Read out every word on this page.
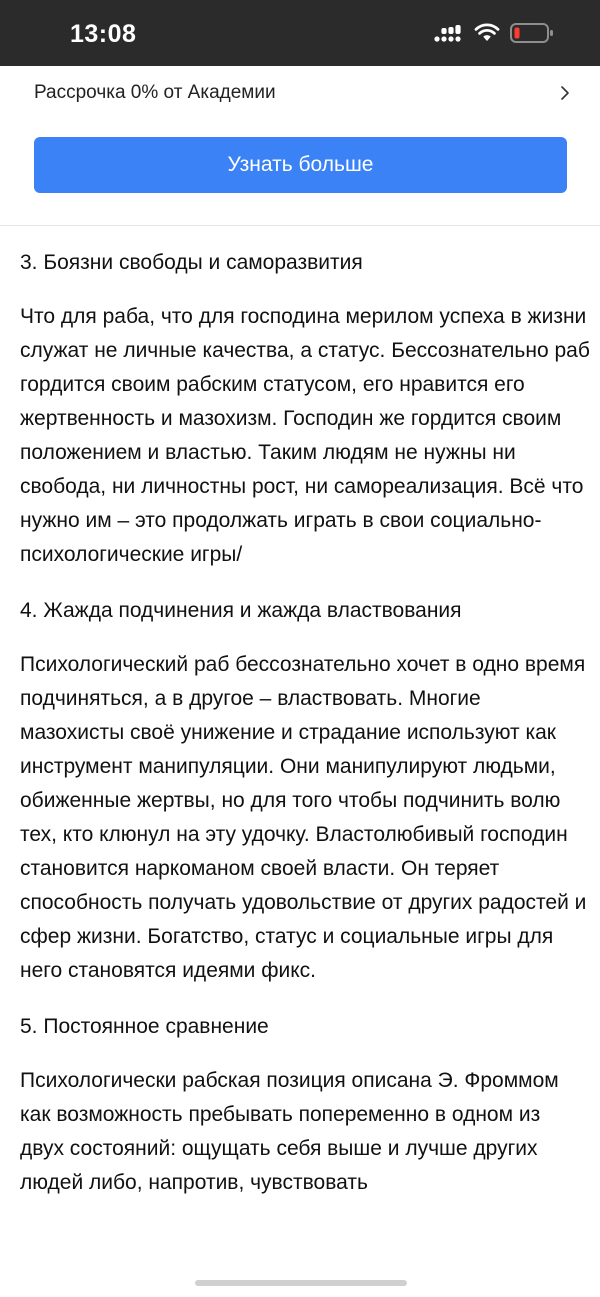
13:08
Рассрочка 0% от Академии
Узнать больше

3. Боязни свободы и саморазвития

Что для раба, что для господина мерилом успеха в жизни служат не личные качества, а статус. Бессознательно раб гордится своим рабским статусом, его нравится его жертвенность и мазохизм. Господин же гордится своим положением и властью. Таким людям не нужны ни свобода, ни личностны рост, ни самореализация. Всё что нужно им – это продолжать играть в свои социально-психологические игры/

4. Жажда подчинения и жажда властвования

Психологический раб бессознательно хочет в одно время подчиняться, а в другое – властвовать. Многие мазохисты своё унижение и страдание используют как инструмент манипуляции. Они манипулируют людьми, обиженные жертвы, но для того чтобы подчинить волю тех, кто клюнул на эту удочку. Властолюбивый господин становится наркоманом своей власти. Он теряет способность получать удовольствие от других радостей и сфер жизни. Богатство, статус и социальные игры для него становятся идеями фикс.

5. Постоянное сравнение

Психологически рабская позиция описана Э. Фроммом как возможность пребывать попеременно в одном из двух состояний: ощущать себя выше и лучше других людей либо, напротив, чувствовать
